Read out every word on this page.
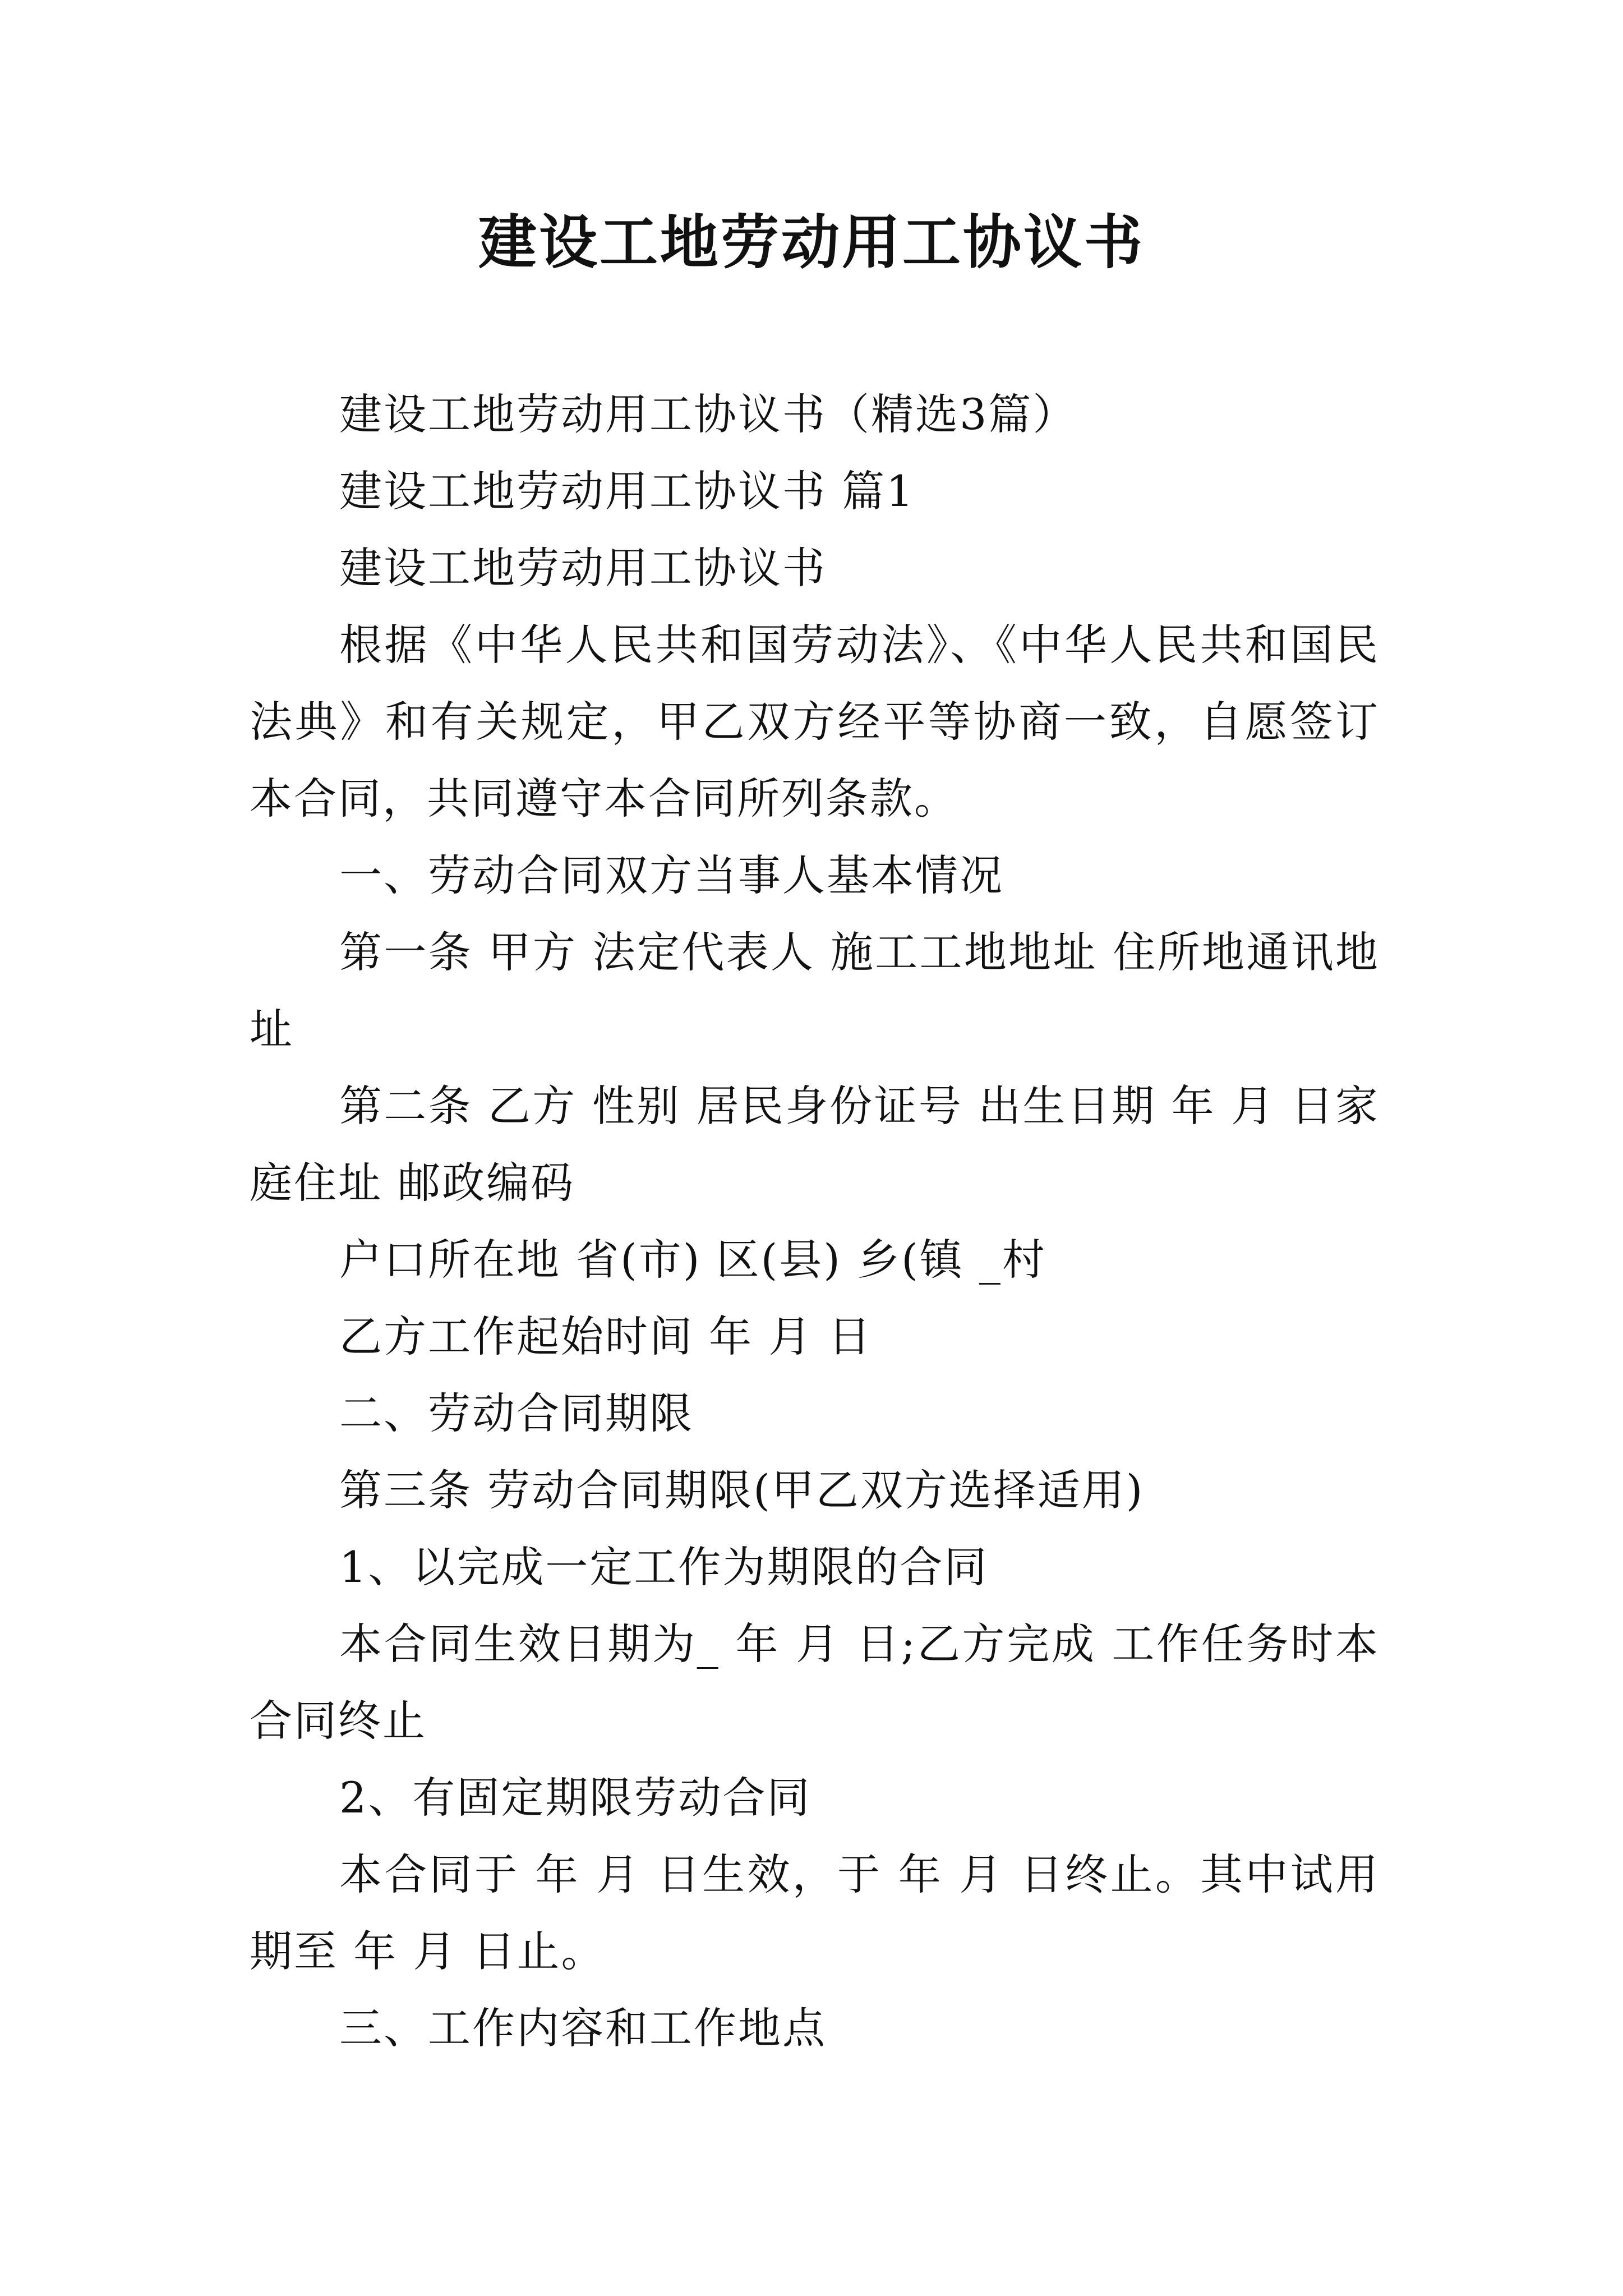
建设工地劳动用工协议书

建设工地劳动用工协议书（精选3篇）

建设工地劳动用工协议书 篇1

建设工地劳动用工协议书

根据《中华人民共和国劳动法》、《中华人民共和国民法典》和有关规定，甲乙双方经平等协商一致，自愿签订本合同，共同遵守本合同所列条款。

一、劳动合同双方当事人基本情况

第一条 甲方 法定代表人 施工工地地址 住所地通讯地址

第二条 乙方 性别 居民身份证号 出生日期 年 月 日家庭住址 邮政编码

户口所在地 省(市) 区(县) 乡(镇 _村

乙方工作起始时间 年 月 日

二、劳动合同期限

第三条 劳动合同期限(甲乙双方选择适用)

1、以完成一定工作为期限的合同

本合同生效日期为_ 年 月 日;乙方完成 工作任务时本合同终止

2、有固定期限劳动合同

本合同于 年 月 日生效，于 年 月 日终止。其中试用期至 年 月 日止。

三、工作内容和工作地点
